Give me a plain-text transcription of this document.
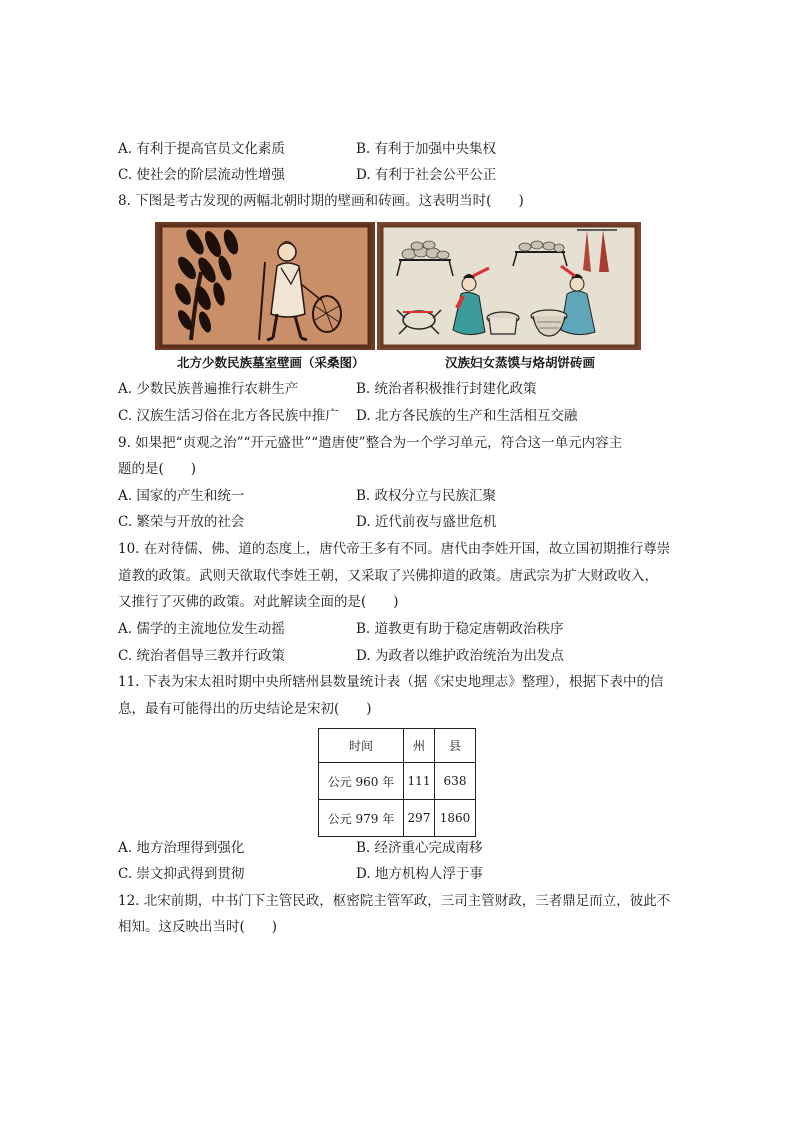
A. 有利于提高官员文化素质	B. 有利于加强中央集权
C. 使社会的阶层流动性增强	D. 有利于社会公平公正
8. 下图是考古发现的两幅北朝时期的壁画和砖画。这表明当时(　　)
北方少数民族墓室壁画（采桑图）	汉族妇女蒸馍与烙胡饼砖画
A. 少数民族普遍推行农耕生产	B. 统治者积极推行封建化政策
C. 汉族生活习俗在北方各民族中推广 D. 北方各民族的生产和生活相互交融
9. 如果把“贞观之治”“开元盛世”“遣唐使”整合为一个学习单元，符合这一单元内容主
题的是(　　)
A. 国家的产生和统一	B. 政权分立与民族汇聚
C. 繁荣与开放的社会	D. 近代前夜与盛世危机
10. 在对待儒、佛、道的态度上，唐代帝王多有不同。唐代由李姓开国，故立国初期推行尊崇
道教的政策。武则天欲取代李姓王朝，又采取了兴佛抑道的政策。唐武宗为扩大财政收入，
又推行了灭佛的政策。对此解读全面的是(　　)
A. 儒学的主流地位发生动摇	B. 道教更有助于稳定唐朝政治秩序
C. 统治者倡导三教并行政策	D. 为政者以维护政治统治为出发点
11. 下表为宋太祖时期中央所辖州县数量统计表（据《宋史地理志》整理），根据下表中的信
息，最有可能得出的历史结论是宋初(　　)
时间	州	县
公元 960 年	111	638
公元 979 年	297	1860
A. 地方治理得到强化	B. 经济重心完成南移
C. 崇文抑武得到贯彻	D. 地方机构人浮于事
12. 北宋前期，中书门下主管民政，枢密院主管军政，三司主管财政，三者鼎足而立，彼此不
相知。这反映出当时(　　)
